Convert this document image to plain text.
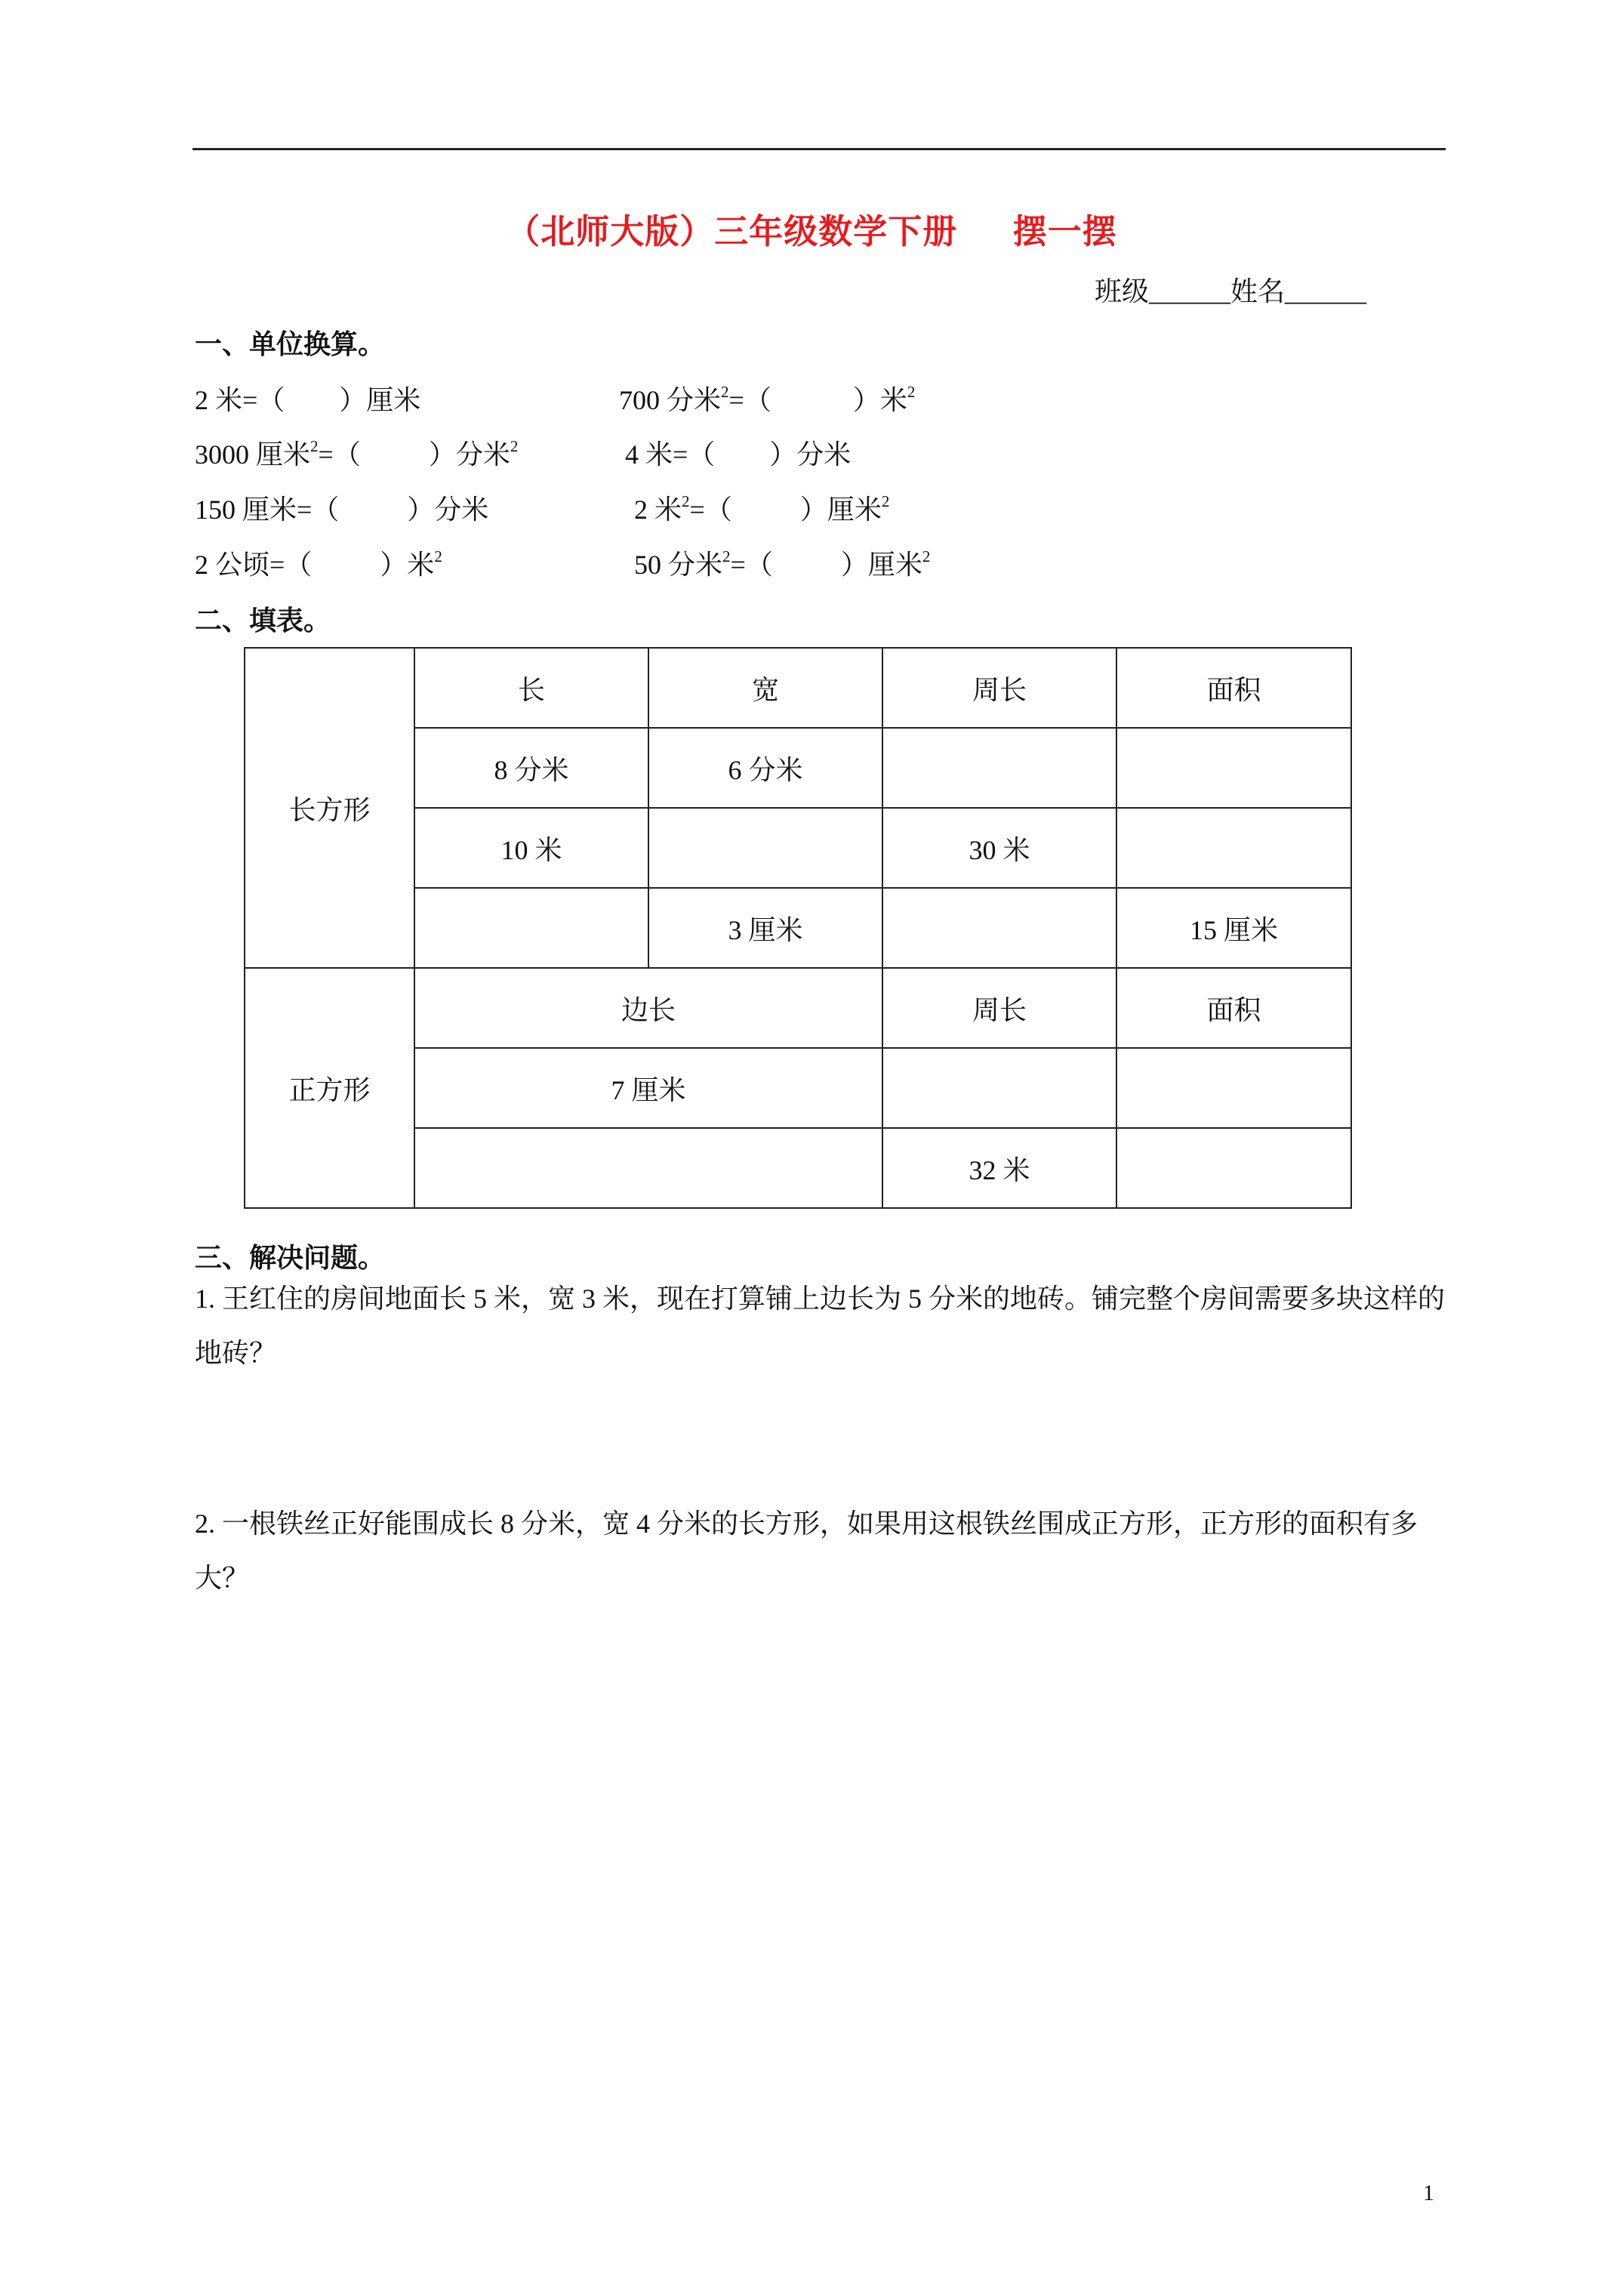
（北师大版）三年级数学下册      摆一摆
班级______姓名______
一、单位换算。
2 米=（        ）厘米	700 分米$^2$=（            ）米$^2$
3000 厘米$^2$=（          ）分米$^2$	4 米=（        ）分米
150 厘米=（          ）分米	2 米$^2$=（          ）厘米$^2$
2 公顷=（          ）米$^2$	50 分米$^2$=（          ）厘米$^2$
二、填表。
长方形	长	宽	周长	面积
	8 分米	6 分米		
	10 米		30 米	
		3 厘米		15 厘米
正方形	边长		周长	面积
	7 厘米			
			32 米	
三、解决问题。
1. 王红住的房间地面长 5 米，宽 3 米，现在打算铺上边长为 5 分米的地砖。铺完整个房间需要多块这样的地砖？
2. 一根铁丝正好能围成长 8 分米，宽 4 分米的长方形，如果用这根铁丝围成正方形，正方形的面积有多大？
1
